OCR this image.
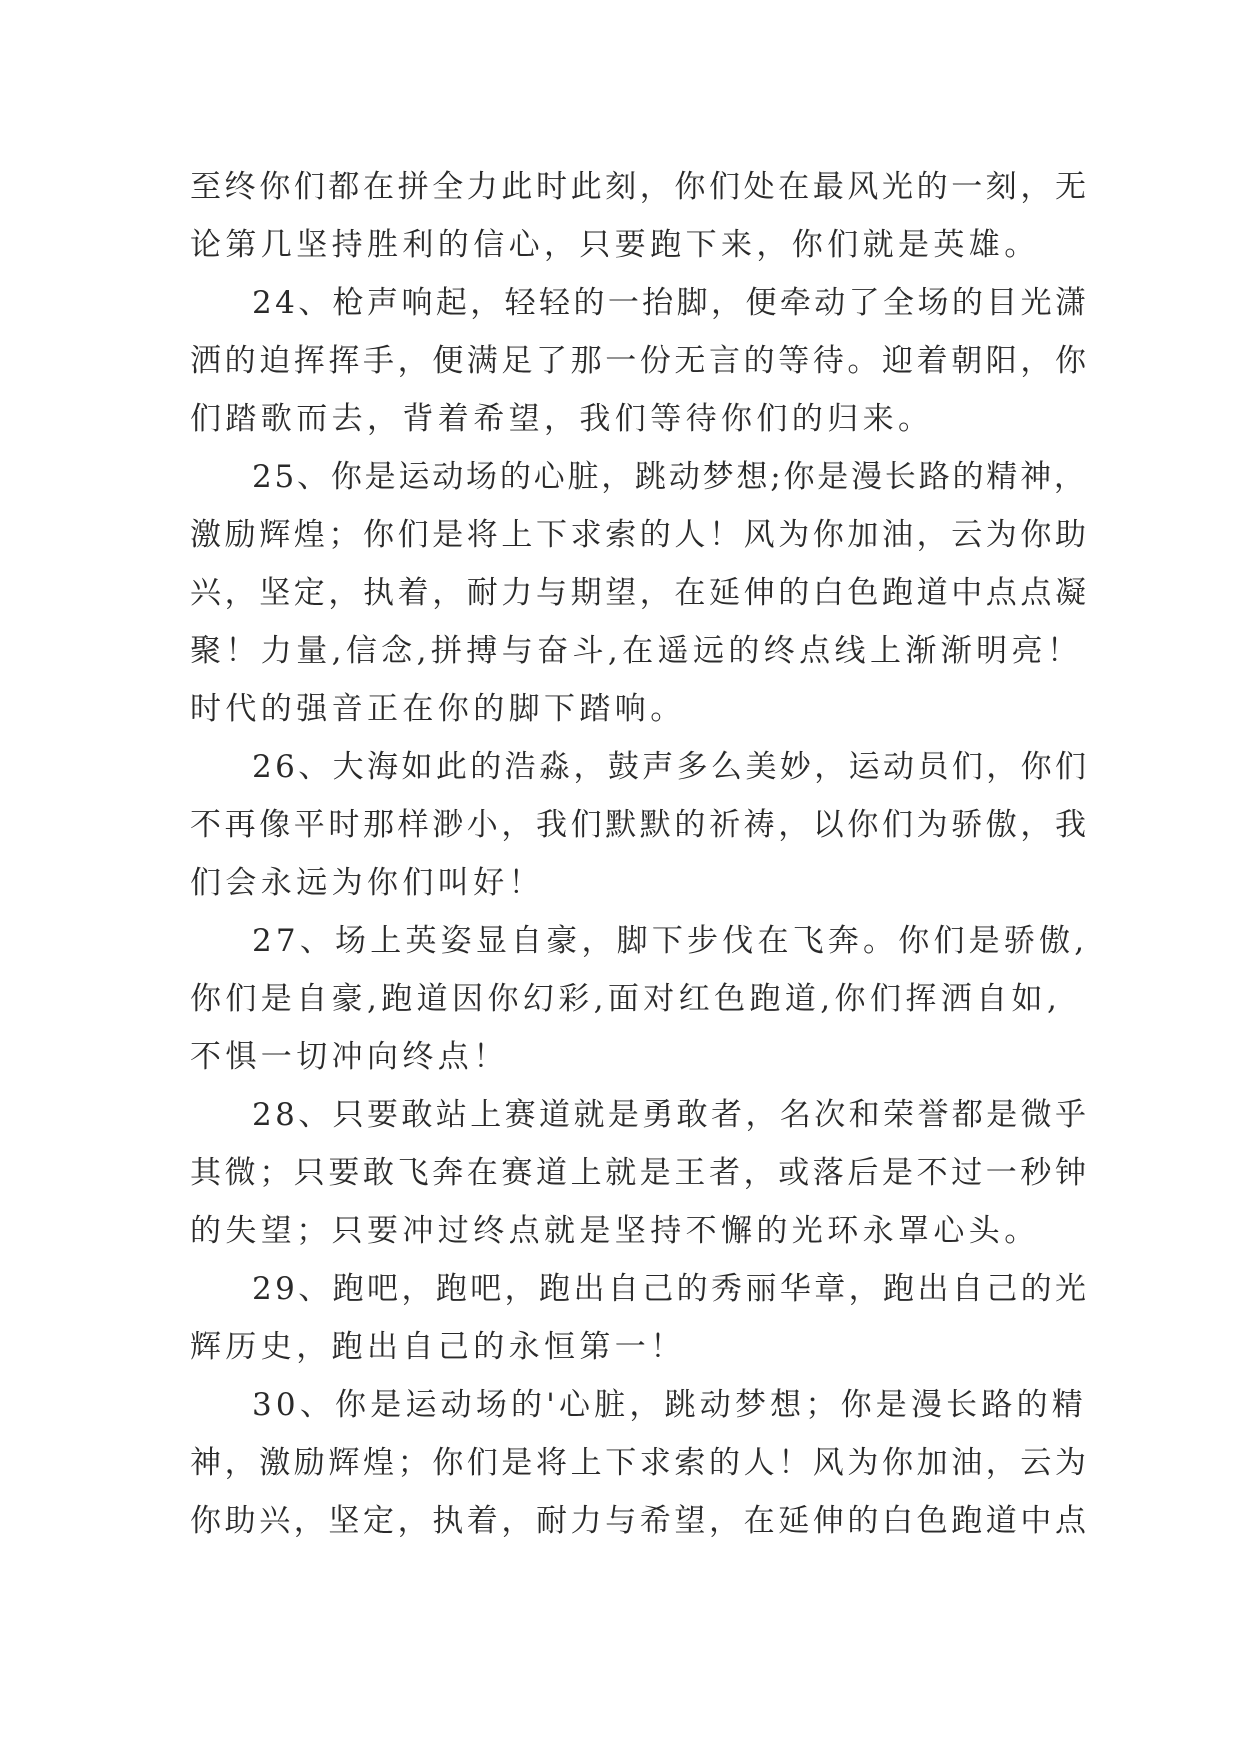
至终你们都在拼全力此时此刻，你们处在最风光的一刻，无
论第几坚持胜利的信心，只要跑下来，你们就是英雄。
24、枪声响起，轻轻的一抬脚，便牵动了全场的目光潇
洒的迫挥挥手，便满足了那一份无言的等待。迎着朝阳，你
们踏歌而去，背着希望，我们等待你们的归来。
25、你是运动场的心脏，跳动梦想;你是漫长路的精神，
激励辉煌；你们是将上下求索的人！风为你加油，云为你助
兴，坚定，执着，耐力与期望，在延伸的白色跑道中点点凝
聚！力量,信念,拼搏与奋斗,在遥远的终点线上渐渐明亮！
时代的强音正在你的脚下踏响。
26、大海如此的浩淼，鼓声多么美妙，运动员们，你们
不再像平时那样渺小，我们默默的祈祷，以你们为骄傲，我
们会永远为你们叫好！
27、场上英姿显自豪，脚下步伐在飞奔。你们是骄傲,
你们是自豪,跑道因你幻彩,面对红色跑道,你们挥洒自如,
不惧一切冲向终点！
28、只要敢站上赛道就是勇敢者，名次和荣誉都是微乎
其微；只要敢飞奔在赛道上就是王者，或落后是不过一秒钟
的失望；只要冲过终点就是坚持不懈的光环永罩心头。
29、跑吧，跑吧，跑出自己的秀丽华章，跑出自己的光
辉历史，跑出自己的永恒第一！
30、你是运动场的'心脏，跳动梦想；你是漫长路的精
神，激励辉煌；你们是将上下求索的人！风为你加油，云为
你助兴，坚定，执着，耐力与希望，在延伸的白色跑道中点
